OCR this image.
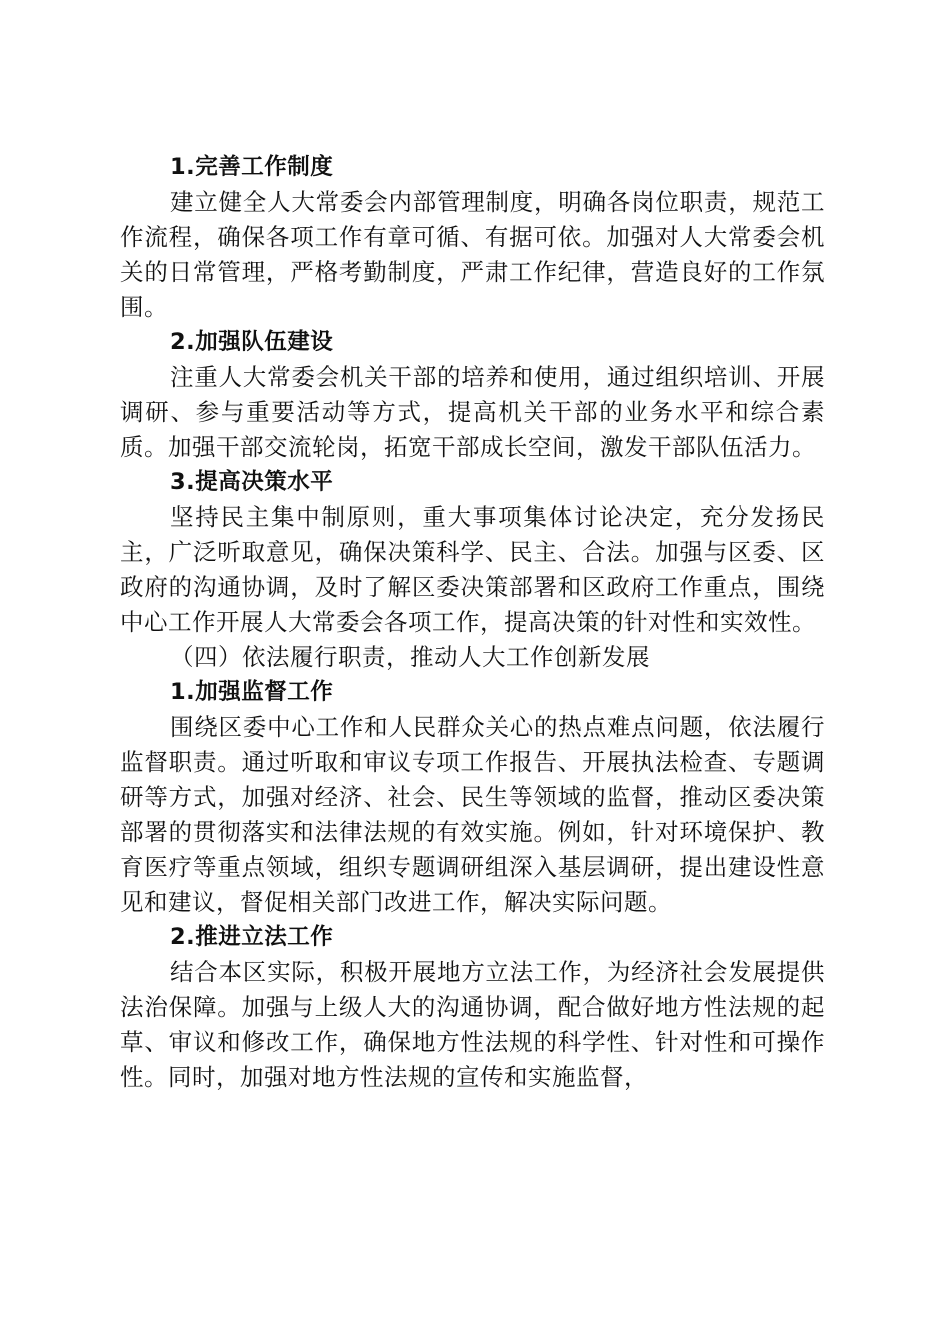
1.完善工作制度

建立健全人大常委会内部管理制度，明确各岗位职责，规范工作流程，确保各项工作有章可循、有据可依。加强对人大常委会机关的日常管理，严格考勤制度，严肃工作纪律，营造良好的工作氛围。

2.加强队伍建设

注重人大常委会机关干部的培养和使用，通过组织培训、开展调研、参与重要活动等方式，提高机关干部的业务水平和综合素质。加强干部交流轮岗，拓宽干部成长空间，激发干部队伍活力。

3.提高决策水平

坚持民主集中制原则，重大事项集体讨论决定，充分发扬民主，广泛听取意见，确保决策科学、民主、合法。加强与区委、区政府的沟通协调，及时了解区委决策部署和区政府工作重点，围绕中心工作开展人大常委会各项工作，提高决策的针对性和实效性。

（四）依法履行职责，推动人大工作创新发展

1.加强监督工作

围绕区委中心工作和人民群众关心的热点难点问题，依法履行监督职责。通过听取和审议专项工作报告、开展执法检查、专题调研等方式，加强对经济、社会、民生等领域的监督，推动区委决策部署的贯彻落实和法律法规的有效实施。例如，针对环境保护、教育医疗等重点领域，组织专题调研组深入基层调研，提出建设性意见和建议，督促相关部门改进工作，解决实际问题。

2.推进立法工作

结合本区实际，积极开展地方立法工作，为经济社会发展提供法治保障。加强与上级人大的沟通协调，配合做好地方性法规的起草、审议和修改工作，确保地方性法规的科学性、针对性和可操作性。同时，加强对地方性法规的宣传和实施监督，
